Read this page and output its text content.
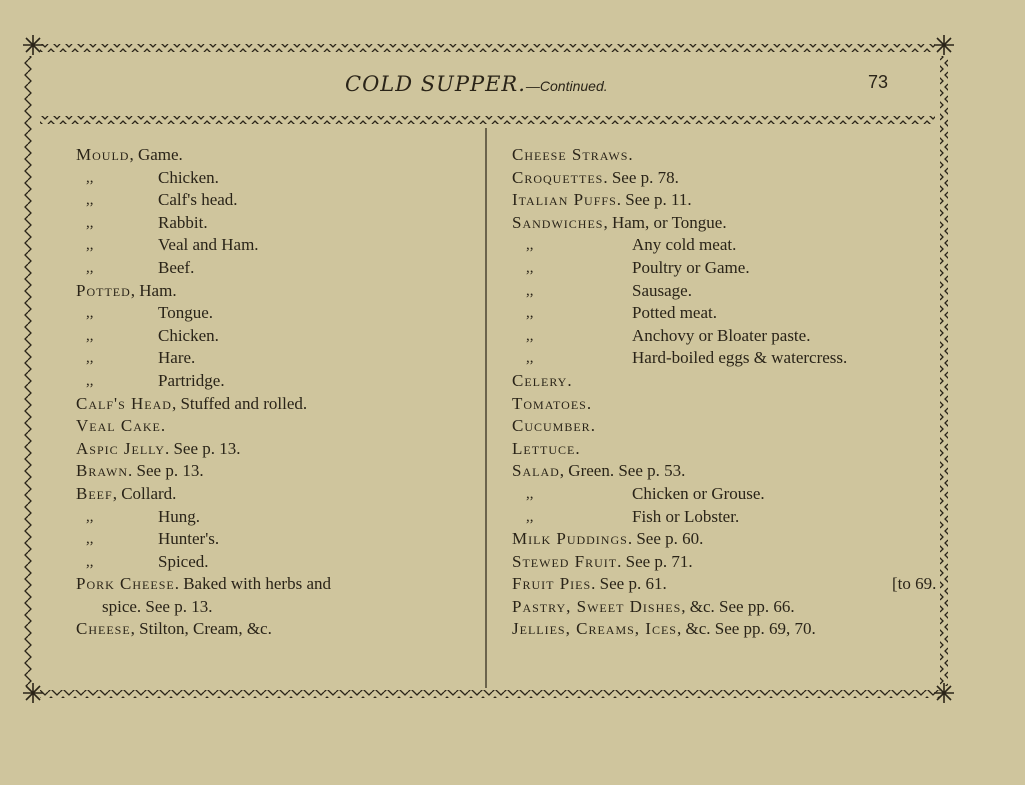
COLD SUPPER.—Continued.	73
Mould, Game.
,,	Chicken.
,,	Calf's head.
,,	Rabbit.
,,	Veal and Ham.
,,	Beef.
Potted, Ham.
,,	Tongue.
,,	Chicken.
,,	Hare.
,,	Partridge.
Calf's Head, Stuffed and rolled.
Veal Cake.
Aspic Jelly. See p. 13.
Brawn. See p. 13.
Beef, Collard.
,,	Hung.
,,	Hunter's.
,,	Spiced.
Pork Cheese. Baked with herbs and
spice. See p. 13.
Cheese, Stilton, Cream, &c.
Cheese Straws.
Croquettes. See p. 78.
Italian Puffs. See p. 11.
Sandwiches, Ham, or Tongue.
,,	Any cold meat.
,,	Poultry or Game.
,,	Sausage.
,,	Potted meat.
,,	Anchovy or Bloater paste.
,,	Hard-boiled eggs & watercress.
Celery.
Tomatoes.
Cucumber.
Lettuce.
Salad, Green. See p. 53.
,,	Chicken or Grouse.
,,	Fish or Lobster.
Milk Puddings. See p. 60.
Stewed Fruit. See p. 71.
Fruit Pies. See p. 61.	[to 69.
Pastry, Sweet Dishes, &c. See pp. 66.
Jellies, Creams, Ices, &c. See pp. 69, 70.
